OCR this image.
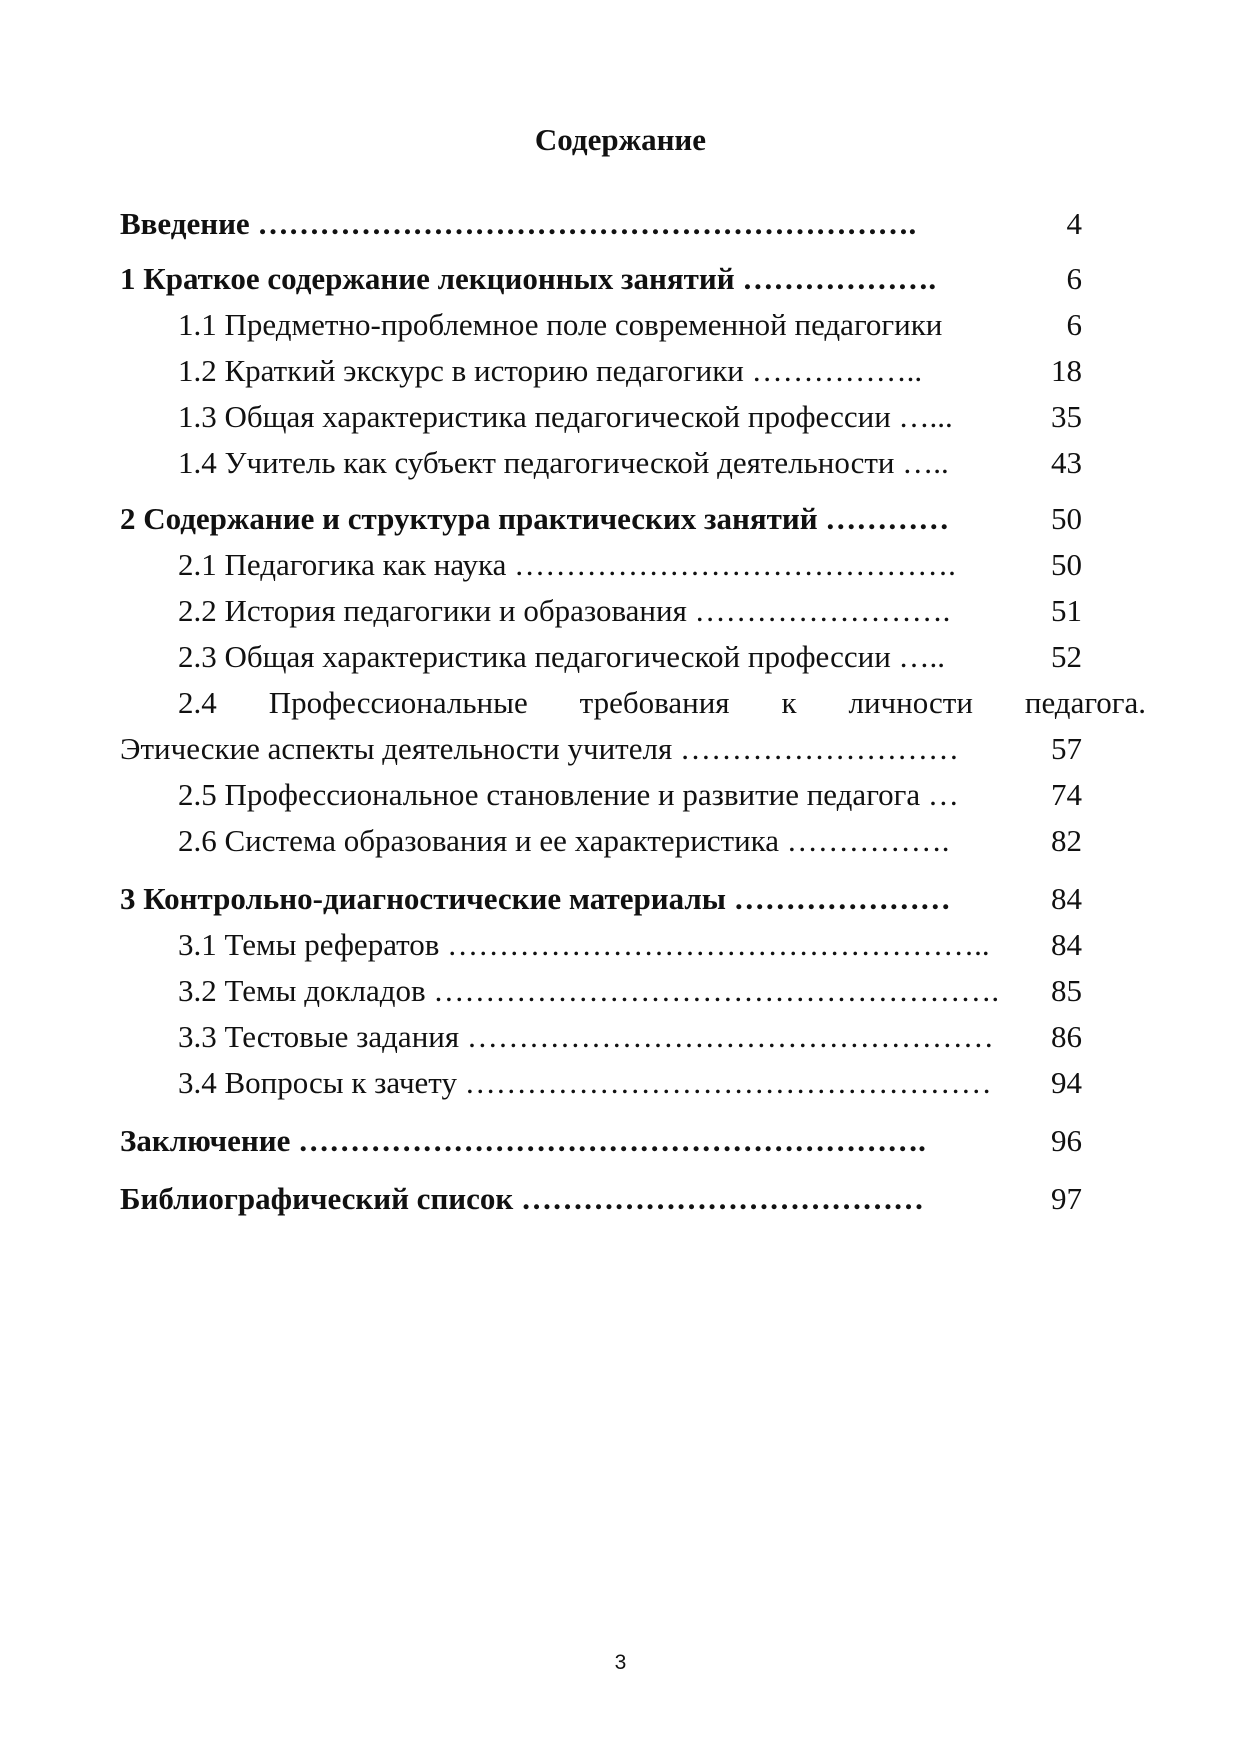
Содержание
Введение ……………………………………………………….	4
1 Краткое содержание лекционных занятий ……………….	6
1.1 Предметно-проблемное поле современной педагогики	6
1.2 Краткий экскурс в историю педагогики ……………..	18
1.3 Общая характеристика педагогической профессии …...	35
1.4 Учитель как субъект педагогической деятельности …..	43
2 Содержание и структура практических занятий …………	50
2.1 Педагогика как наука …………………………………….	50
2.2 История педагогики и образования …………………….	51
2.3 Общая характеристика педагогической профессии …..	52
2.4 Профессиональные требования к личности педагога.
Этические аспекты деятельности учителя ………………………	57
2.5 Профессиональное становление и развитие педагога …	74
2.6 Система образования и ее характеристика …………….	82
3 Контрольно-диагностические материалы …………………	84
3.1 Темы рефератов …………………………………………….. 84
3.2 Темы докладов ………………………………………………. 85
3.3 Тестовые задания …………………………………………… 86
3.4 Вопросы к зачету …………………………………………… 94
Заключение …………………………………………………….	96
Библиографический список …………………………………	97
3
